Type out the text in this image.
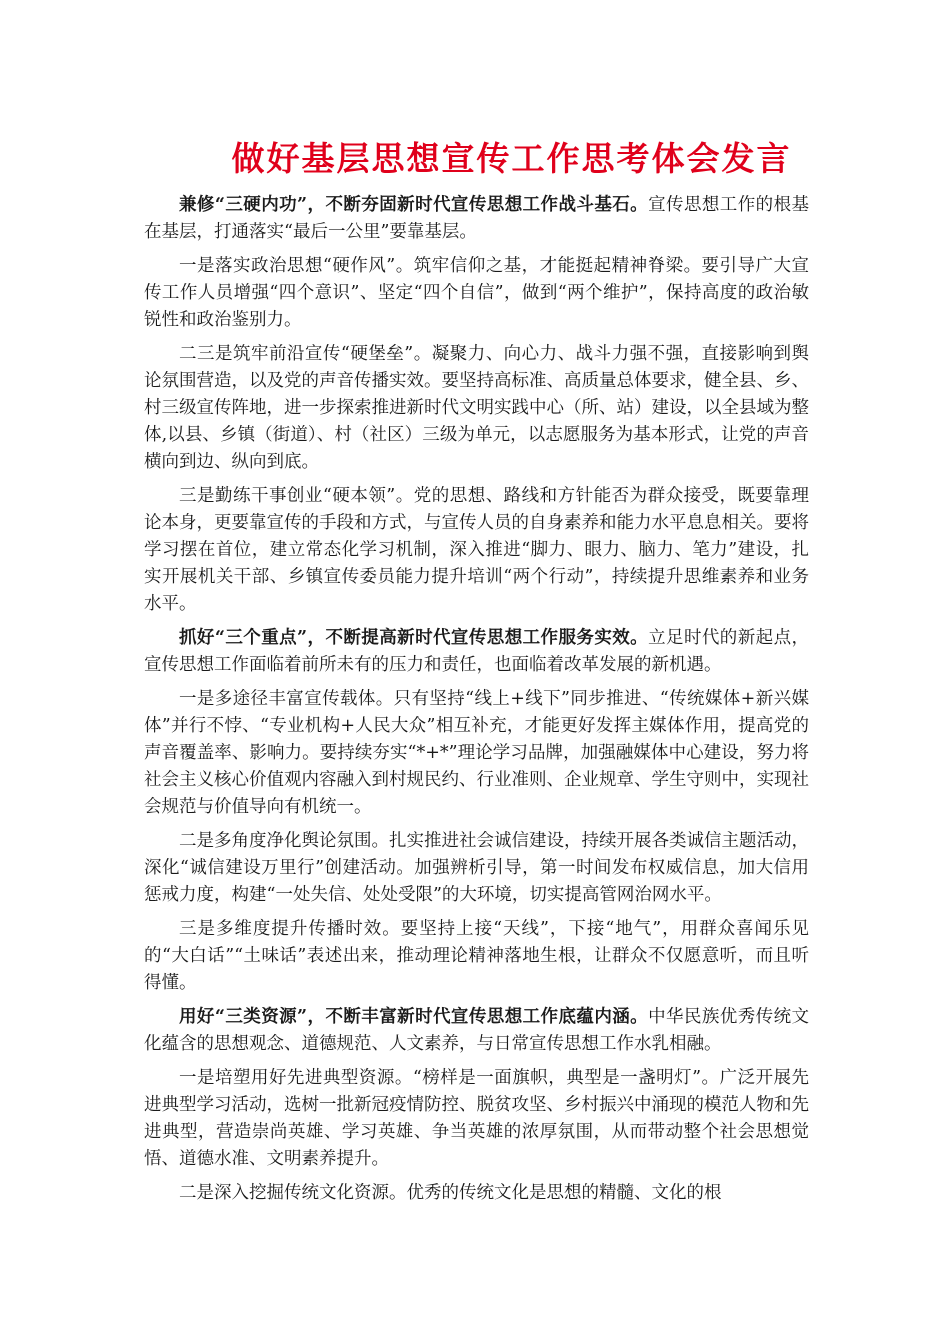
做好基层思想宣传工作思考体会发言

兼修“三硬内功”，不断夯固新时代宣传思想工作战斗基石。宣传思想工作的根基在基层，打通落实“最后一公里”要靠基层。

一是落实政治思想“硬作风”。筑牢信仰之基，才能挺起精神脊梁。要引导广大宣传工作人员增强“四个意识”、坚定“四个自信”，做到“两个维护”，保持高度的政治敏锐性和政治鉴别力。

二三是筑牢前沿宣传“硬堡垒”。凝聚力、向心力、战斗力强不强，直接影响到舆论氛围营造，以及党的声音传播实效。要坚持高标准、高质量总体要求，健全县、乡、村三级宣传阵地，进一步探索推进新时代文明实践中心（所、站）建设，以全县域为整体,以县、乡镇（街道）、村（社区）三级为单元，以志愿服务为基本形式，让党的声音横向到边、纵向到底。

三是勤练干事创业“硬本领”。党的思想、路线和方针能否为群众接受，既要靠理论本身，更要靠宣传的手段和方式，与宣传人员的自身素养和能力水平息息相关。要将学习摆在首位，建立常态化学习机制，深入推进“脚力、眼力、脑力、笔力”建设，扎实开展机关干部、乡镇宣传委员能力提升培训“两个行动”，持续提升思维素养和业务水平。

抓好“三个重点”，不断提高新时代宣传思想工作服务实效。立足时代的新起点，宣传思想工作面临着前所未有的压力和责任，也面临着改革发展的新机遇。

一是多途径丰富宣传载体。只有坚持“线上+线下”同步推进、“传统媒体+新兴媒体”并行不悖、“专业机构+人民大众”相互补充，才能更好发挥主媒体作用，提高党的声音覆盖率、影响力。要持续夯实“*+*”理论学习品牌，加强融媒体中心建设，努力将社会主义核心价值观内容融入到村规民约、行业准则、企业规章、学生守则中，实现社会规范与价值导向有机统一。

二是多角度净化舆论氛围。扎实推进社会诚信建设，持续开展各类诚信主题活动，深化“诚信建设万里行”创建活动。加强辨析引导，第一时间发布权威信息，加大信用惩戒力度，构建“一处失信、处处受限”的大环境，切实提高管网治网水平。

三是多维度提升传播时效。要坚持上接“天线”，下接“地气”，用群众喜闻乐见的“大白话”“土味话”表述出来，推动理论精神落地生根，让群众不仅愿意听，而且听得懂。

用好“三类资源”，不断丰富新时代宣传思想工作底蕴内涵。中华民族优秀传统文化蕴含的思想观念、道德规范、人文素养，与日常宣传思想工作水乳相融。

一是培塑用好先进典型资源。“榜样是一面旗帜，典型是一盏明灯”。广泛开展先进典型学习活动，选树一批新冠疫情防控、脱贫攻坚、乡村振兴中涌现的模范人物和先进典型，营造崇尚英雄、学习英雄、争当英雄的浓厚氛围，从而带动整个社会思想觉悟、道德水准、文明素养提升。

二是深入挖掘传统文化资源。优秀的传统文化是思想的精髓、文化的根
